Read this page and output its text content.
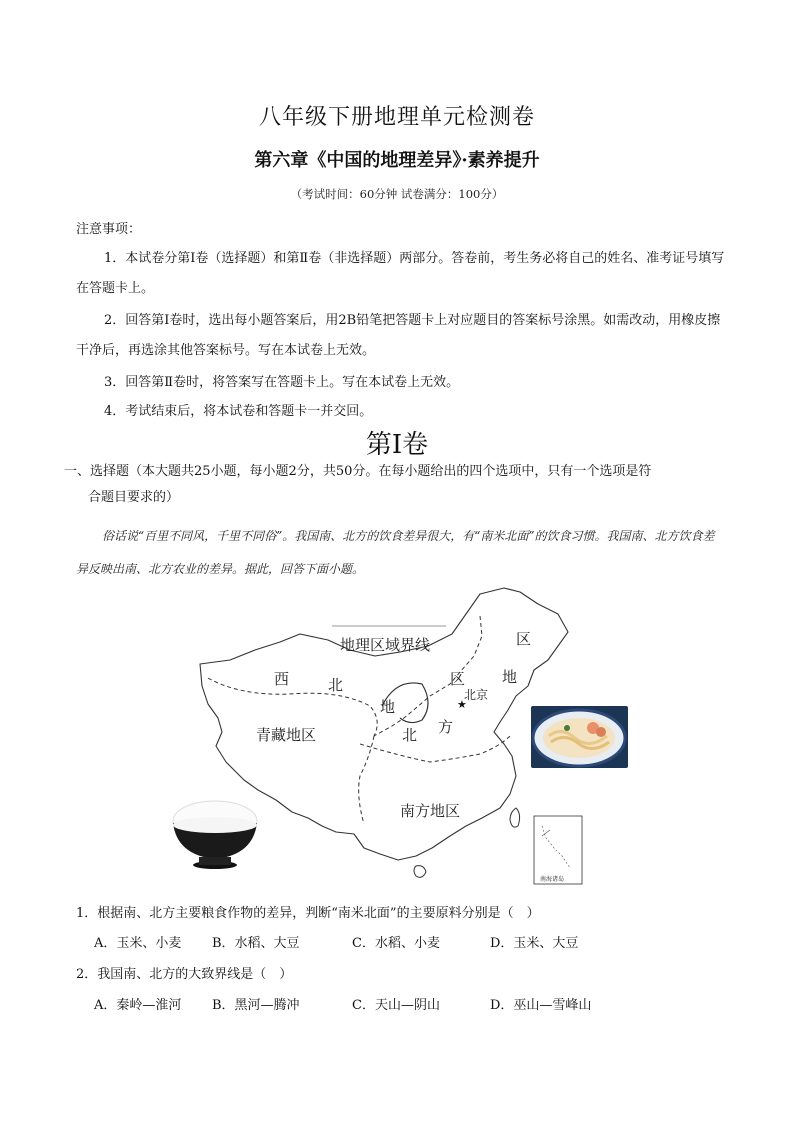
八年级下册地理单元检测卷
第六章《中国的地理差异》·素养提升
（考试时间：60分钟 试卷满分：100分）
注意事项：
1．本试卷分第Ⅰ卷（选择题）和第Ⅱ卷（非选择题）两部分。答卷前，考生务必将自己的姓名、准考证号填写在答题卡上。
2．回答第Ⅰ卷时，选出每小题答案后，用2B铅笔把答题卡上对应题目的答案标号涂黑。如需改动，用橡皮擦干净后，再选涂其他答案标号。写在本试卷上无效。
3．回答第Ⅱ卷时，将答案写在答题卡上。写在本试卷上无效。
4．考试结束后，将本试卷和答题卡一并交回。
第Ⅰ卷
一、选择题（本大题共25小题，每小题2分，共50分。在每小题给出的四个选项中，只有一个选项是符
合题目要求的）
俗话说“百里不同风，千里不同俗”。我国南、北方的饮食差异很大，有“南米北面”的饮食习惯。我国南、北方饮食差异反映出南、北方农业的差异。据此，回答下面小题。
★
地理区域界线
西	北
地
区
区
地
北 方
北京
青藏地区
南方地区
南海诸岛
1．根据南、北方主要粮食作物的差异，判断“南米北面”的主要原料分别是（　）
A．玉米、小麦 B．水稻、大豆	C．水稻、小麦	D．玉米、大豆
2．我国南、北方的大致界线是（　）
A．秦岭—淮河 B．黑河—腾冲	C．天山—阴山	D．巫山—雪峰山
